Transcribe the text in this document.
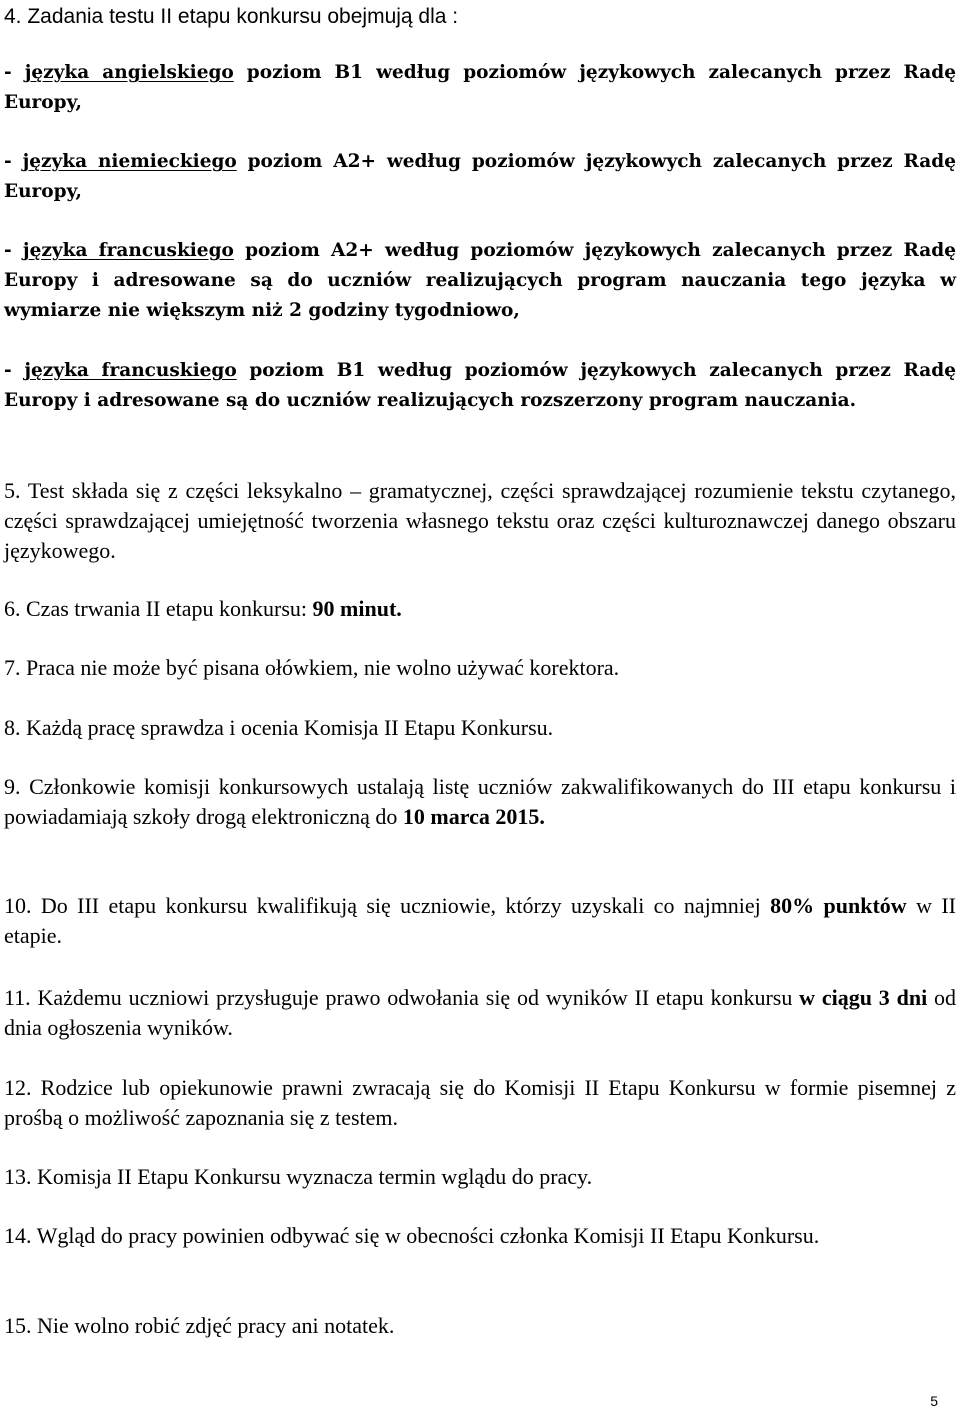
4. Zadania testu II etapu konkursu obejmują dla :
- języka angielskiego poziom B1 według poziomów językowych zalecanych przez Radę Europy,
- języka niemieckiego poziom A2+ według poziomów językowych zalecanych przez Radę Europy,
- języka francuskiego poziom A2+ według poziomów językowych zalecanych przez Radę Europy i adresowane są do uczniów realizujących program nauczania tego języka w wymiarze nie większym niż 2 godziny tygodniowo,
- języka francuskiego poziom B1 według poziomów językowych zalecanych przez Radę Europy i adresowane są do uczniów realizujących rozszerzony program nauczania.
5. Test składa się z części leksykalno – gramatycznej, części sprawdzającej rozumienie tekstu czytanego, części sprawdzającej umiejętność tworzenia własnego tekstu oraz części kulturoznawczej danego obszaru językowego.
6. Czas trwania II etapu konkursu: 90 minut.
7. Praca nie może być pisana ołówkiem, nie wolno używać korektora.
8. Każdą pracę sprawdza i ocenia Komisja II Etapu Konkursu.
9. Członkowie komisji konkursowych ustalają listę uczniów zakwalifikowanych do III etapu konkursu i powiadamiają szkoły drogą elektroniczną do 10 marca 2015.
10. Do III etapu konkursu kwalifikują się uczniowie, którzy uzyskali co najmniej 80% punktów w II etapie.
11. Każdemu uczniowi przysługuje prawo odwołania się od wyników II etapu konkursu w ciągu 3 dni od dnia ogłoszenia wyników.
12. Rodzice lub opiekunowie prawni zwracają się do Komisji II Etapu Konkursu w formie pisemnej z prośbą o możliwość zapoznania się z testem.
13. Komisja II Etapu Konkursu wyznacza termin wglądu do pracy.
14. Wgląd do pracy powinien odbywać się w obecności członka Komisji II Etapu Konkursu.
15. Nie wolno robić zdjęć pracy ani notatek.
5
